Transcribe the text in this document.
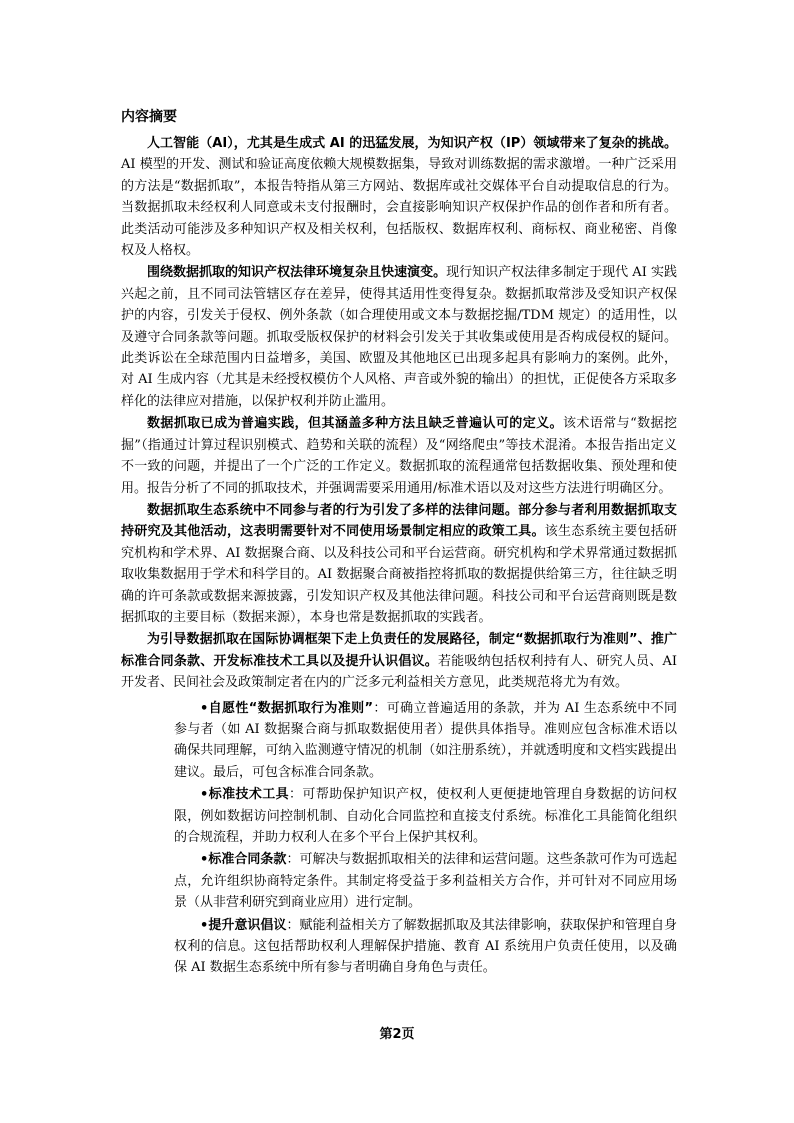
内容摘要

人工智能（AI），尤其是生成式 AI 的迅猛发展，为知识产权（IP）领域带来了复杂的挑战。AI 模型的开发、测试和验证高度依赖大规模数据集，导致对训练数据的需求激增。一种广泛采用的方法是“数据抓取”，本报告特指从第三方网站、数据库或社交媒体平台自动提取信息的行为。当数据抓取未经权利人同意或未支付报酬时，会直接影响知识产权保护作品的创作者和所有者。此类活动可能涉及多种知识产权及相关权利，包括版权、数据库权利、商标权、商业秘密、肖像权及人格权。

围绕数据抓取的知识产权法律环境复杂且快速演变。现行知识产权法律多制定于现代 AI 实践兴起之前，且不同司法管辖区存在差异，使得其适用性变得复杂。数据抓取常涉及受知识产权保护的内容，引发关于侵权、例外条款（如合理使用或文本与数据挖掘/TDM 规定）的适用性，以及遵守合同条款等问题。抓取受版权保护的材料会引发关于其收集或使用是否构成侵权的疑问。此类诉讼在全球范围内日益增多，美国、欧盟及其他地区已出现多起具有影响力的案例。此外，对 AI 生成内容（尤其是未经授权模仿个人风格、声音或外貌的输出）的担忧，正促使各方采取多样化的法律应对措施，以保护权利并防止滥用。

数据抓取已成为普遍实践，但其涵盖多种方法且缺乏普遍认可的定义。该术语常与“数据挖掘”（指通过计算过程识别模式、趋势和关联的流程）及“网络爬虫”等技术混淆。本报告指出定义不一致的问题，并提出了一个广泛的工作定义。数据抓取的流程通常包括数据收集、预处理和使用。报告分析了不同的抓取技术，并强调需要采用通用/标准术语以及对这些方法进行明确区分。

数据抓取生态系统中不同参与者的行为引发了多样的法律问题。部分参与者利用数据抓取支持研究及其他活动，这表明需要针对不同使用场景制定相应的政策工具。该生态系统主要包括研究机构和学术界、AI 数据聚合商、以及科技公司和平台运营商。研究机构和学术界常通过数据抓取收集数据用于学术和科学目的。AI 数据聚合商被指控将抓取的数据提供给第三方，往往缺乏明确的许可条款或数据来源披露，引发知识产权及其他法律问题。科技公司和平台运营商则既是数据抓取的主要目标（数据来源），本身也常是数据抓取的实践者。

为引导数据抓取在国际协调框架下走上负责任的发展路径，制定“数据抓取行为准则”、推广标准合同条款、开发标准技术工具以及提升认识倡议。若能吸纳包括权利持有人、研究人员、AI 开发者、民间社会及政策制定者在内的广泛多元利益相关方意见，此类规范将尤为有效。

•自愿性“数据抓取行为准则”：可确立普遍适用的条款，并为 AI 生态系统中不同参与者（如 AI 数据聚合商与抓取数据使用者）提供具体指导。准则应包含标准术语以确保共同理解，可纳入监测遵守情况的机制（如注册系统），并就透明度和文档实践提出建议。最后，可包含标准合同条款。
•标准技术工具：可帮助保护知识产权，使权利人更便捷地管理自身数据的访问权限，例如数据访问控制机制、自动化合同监控和直接支付系统。标准化工具能简化组织的合规流程，并助力权利人在多个平台上保护其权利。
•标准合同条款：可解决与数据抓取相关的法律和运营问题。这些条款可作为可选起点，允许组织协商特定条件。其制定将受益于多利益相关方合作，并可针对不同应用场景（从非营利研究到商业应用）进行定制。
•提升意识倡议：赋能利益相关方了解数据抓取及其法律影响，获取保护和管理自身权利的信息。这包括帮助权利人理解保护措施、教育 AI 系统用户负责任使用，以及确保 AI 数据生态系统中所有参与者明确自身角色与责任。
第2页
